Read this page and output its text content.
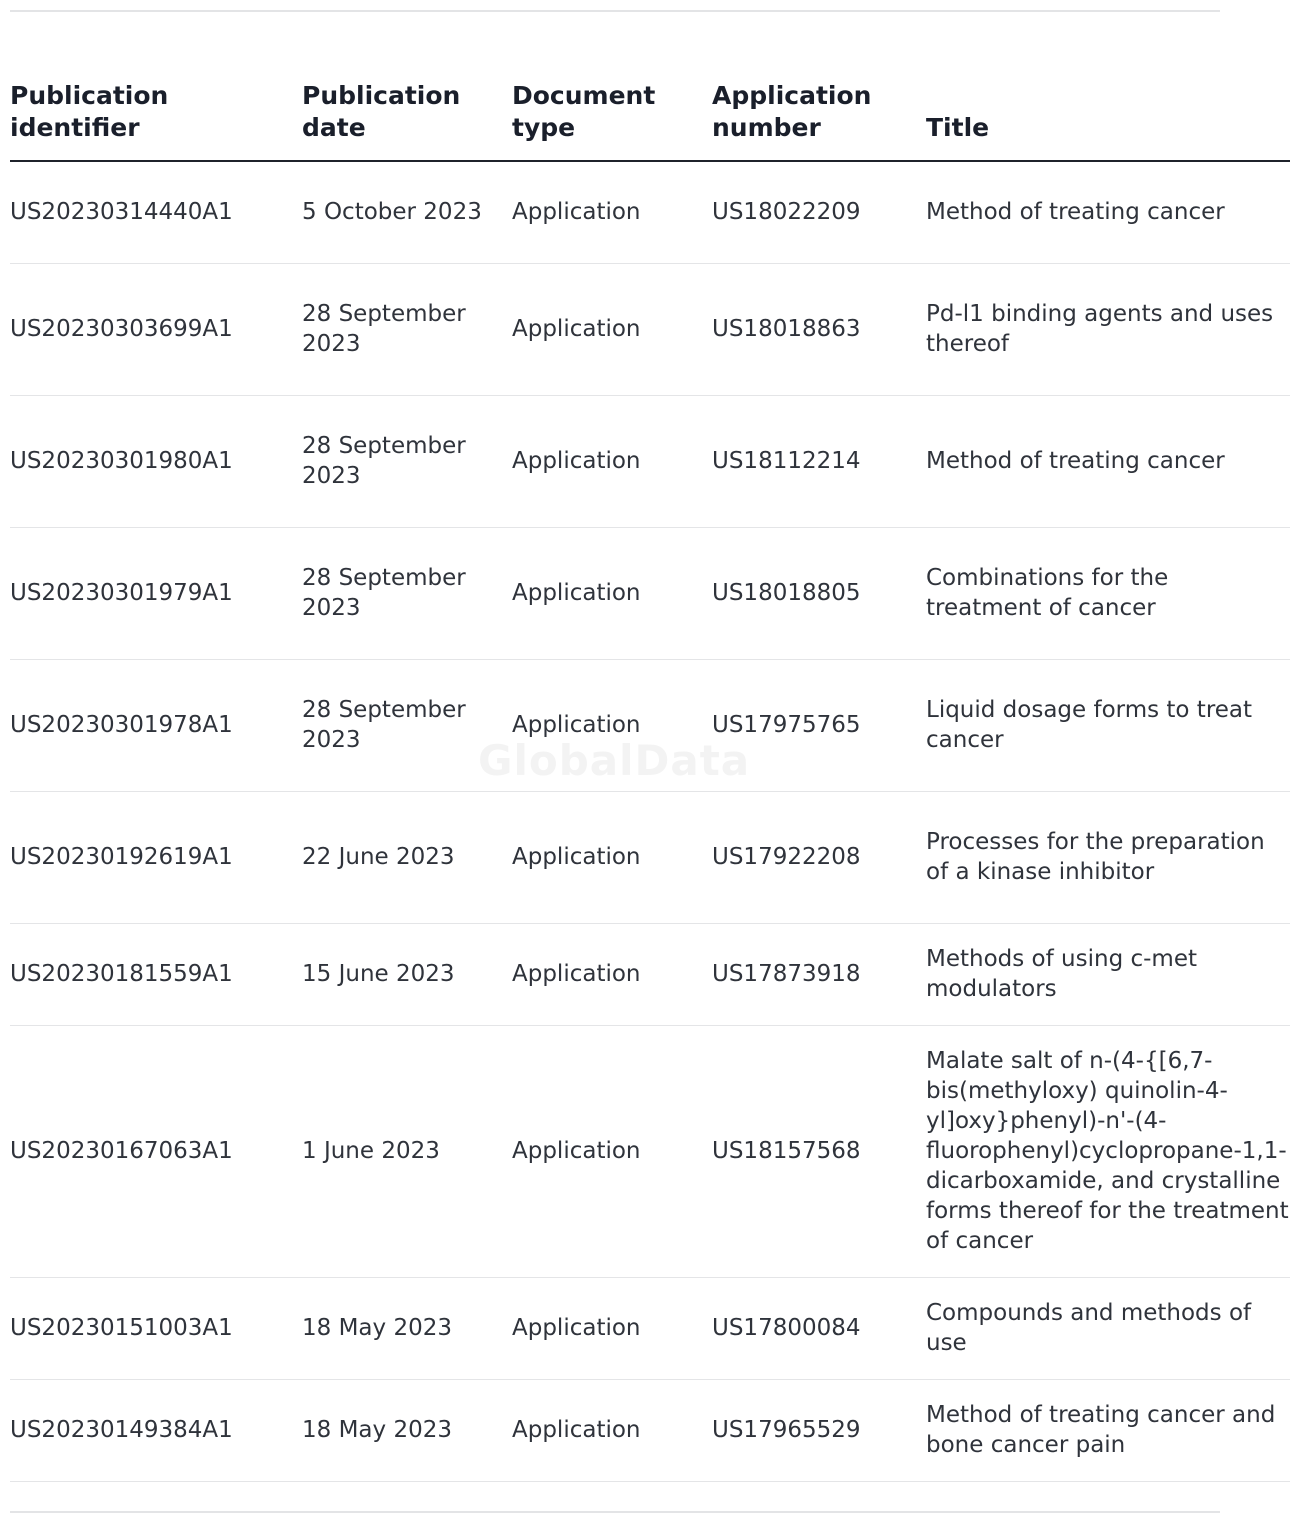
Publication identifier	Publication date	Document type	Application number	Title
US20230314440A1	5 October 2023	Application	US18022209	Method of treating cancer
US20230303699A1	28 September 2023	Application	US18018863	Pd-l1 binding agents and uses thereof
US20230301980A1	28 September 2023	Application	US18112214	Method of treating cancer
US20230301979A1	28 September 2023	Application	US18018805	Combinations for the treatment of cancer
US20230301978A1	28 September 2023	Application	US17975765	Liquid dosage forms to treat cancer
US20230192619A1	22 June 2023	Application	US17922208	Processes for the preparation of a kinase inhibitor
US20230181559A1	15 June 2023	Application	US17873918	Methods of using c-met modulators
US20230167063A1	1 June 2023	Application	US18157568	Malate salt of n-(4-{[6,7-bis(methyloxy) quinolin-4-yl]oxy}phenyl)-n'-(4-fluorophenyl)cyclopropane-1,1-dicarboxamide, and crystalline forms thereof for the treatment of cancer
US20230151003A1	18 May 2023	Application	US17800084	Compounds and methods of use
US20230149384A1	18 May 2023	Application	US17965529	Method of treating cancer and bone cancer pain
GlobalData
